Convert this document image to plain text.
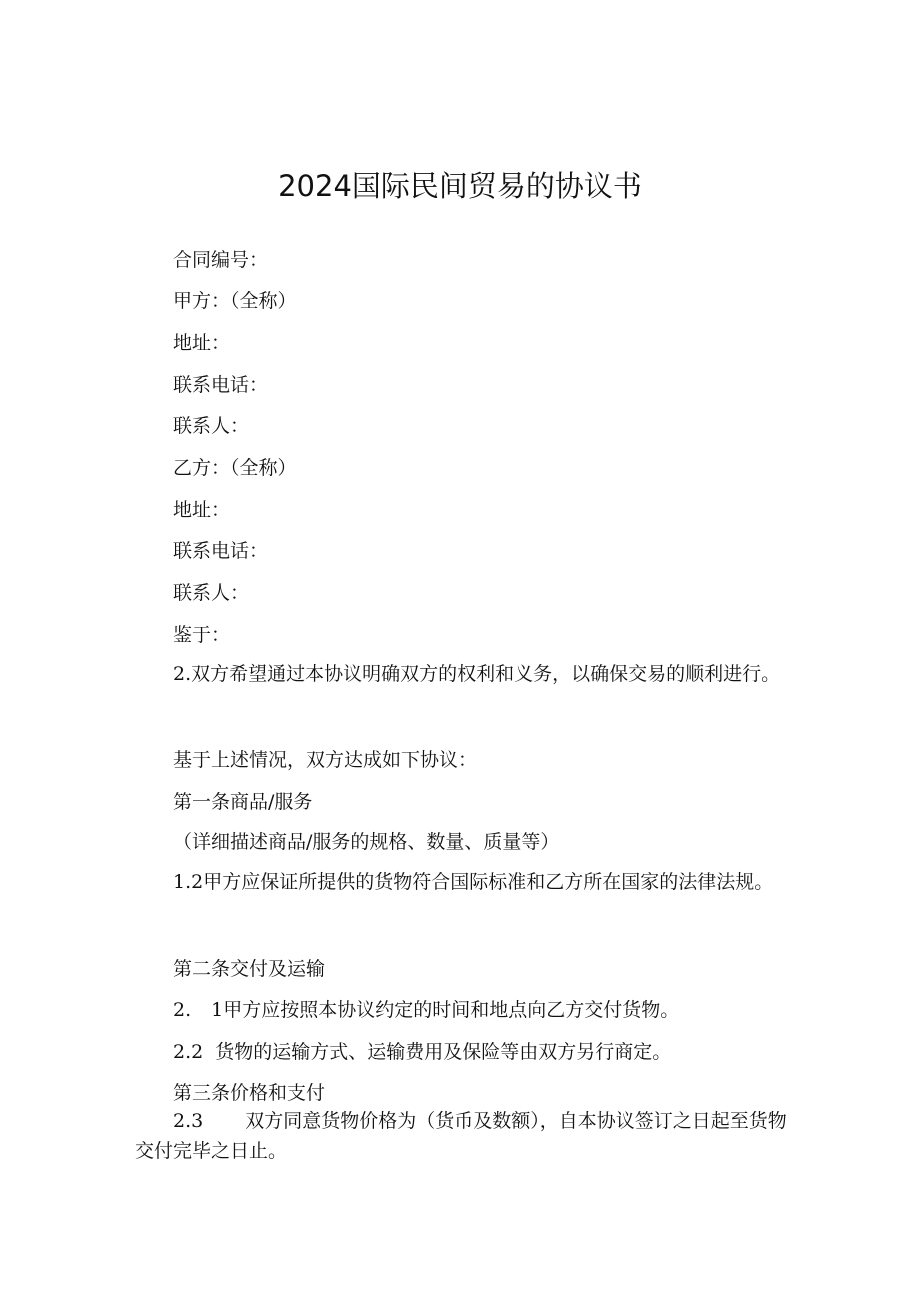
2024国际民间贸易的协议书
合同编号：
甲方：（全称）
地址：
联系电话：
联系人：
乙方：（全称）
地址：
联系电话：
联系人：
鉴于：
2.双方希望通过本协议明确双方的权利和义务，以确保交易的顺利进行。
基于上述情况，双方达成如下协议：
第一条商品/服务
（详细描述商品/服务的规格、数量、质量等）
1.2甲方应保证所提供的货物符合国际标准和乙方所在国家的法律法规。
第二条交付及运输
2. 1甲方应按照本协议约定的时间和地点向乙方交付货物。
2.2 货物的运输方式、运输费用及保险等由双方另行商定。
第三条价格和支付
2.3 双方同意货物价格为（货币及数额），自本协议签订之日起至货物交付完毕之日止。
